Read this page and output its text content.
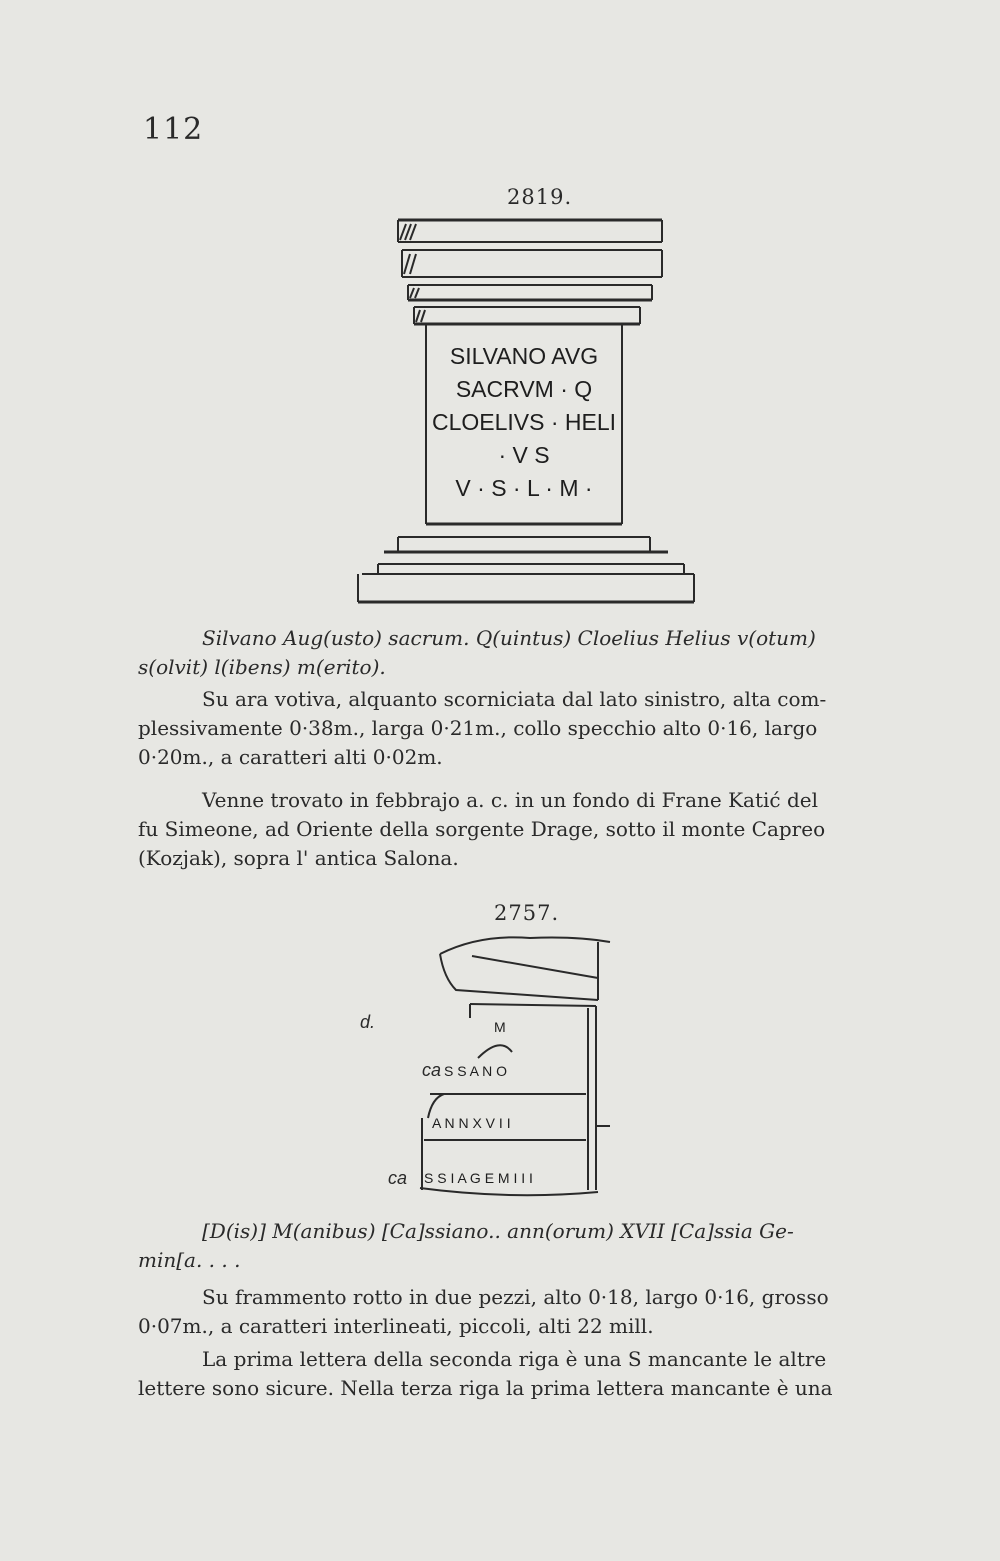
112
2819.
SILVANO AVG
SACRVM · Q
CLOELIVS · HELI
· V S
V · S · L · M ·
Silvano Aug(usto) sacrum. Q(uintus) Cloelius Helius v(otum)
s(olvit) l(ibens) m(erito).
Su ara votiva, alquanto scorniciata dal lato sinistro, alta com-
plessivamente 0·38m., larga 0·21m., collo specchio alto 0·16, largo
0·20m., a caratteri alti 0·02m.
Venne trovato in febbrajo a. c. in un fondo di Frane Katić del
fu Simeone, ad Oriente della sorgente Drage, sotto il monte Capreo
(Kozjak), sopra l' antica Salona.
2757.
M
S S A N O
A N N X V I I
S S I A G E M I I I
d.
ca
ca
[D(is)] M(anibus) [Ca]ssiano.. ann(orum) XVII [Ca]ssia Ge-
min[a. . . .
Su frammento rotto in due pezzi, alto 0·18, largo 0·16, grosso
0·07m., a caratteri interlineati, piccoli, alti 22 mill.
La prima lettera della seconda riga è una S mancante le altre
lettere sono sicure. Nella terza riga la prima lettera mancante è una
